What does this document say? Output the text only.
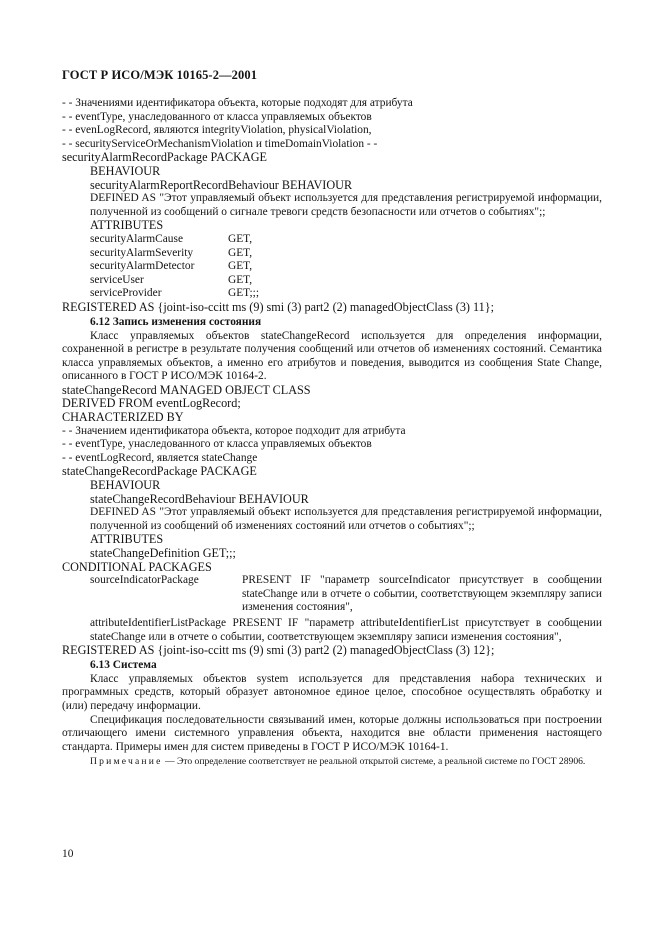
ГОСТ Р ИСО/МЭК 10165-2—2001
- - Значениями идентификатора объекта, которые подходят для атрибута
- - eventType, унаследованного от класса управляемых объектов
- - evenLogRecord, являются integrityViolation, physicalViolation,
- - securityServiceOrMechanismViolation и timeDomainViolation - -
securityAlarmRecordPackage PACKAGE
BEHAVIOUR
securityAlarmReportRecordBehaviour BEHAVIOUR
DEFINED AS "Этот управляемый объект используется для представления регистрируемой информации, полученной из сообщений о сигнале тревоги средств безопасности или отчетов о событиях";;
ATTRIBUTES
securityAlarmCause	GET,
securityAlarmSeverity	GET,
securityAlarmDetector	GET,
serviceUser	GET,
serviceProvider	GET;;;
REGISTERED AS {joint-iso-ccitt ms (9) smi (3) part2 (2) managedObjectClass (3) 11};
6.12 Запись изменения состояния
Класс управляемых объектов stateChangeRecord используется для определения информации, сохраненной в регистре в результате получения сообщений или отчетов об изменениях состояний. Семантика класса управляемых объектов, а именно его атрибутов и поведения, выводится из сообщения State Change, описанного в ГОСТ Р ИСО/МЭК 10164-2.
stateChangeRecord MANAGED OBJECT CLASS
DERIVED FROM eventLogRecord;
CHARACTERIZED BY
- - Значением идентификатора объекта, которое подходит для атрибута
- - eventType, унаследованного от класса управляемых объектов
- - eventLogRecord, является stateChange
stateChangeRecordPackage PACKAGE
BEHAVIOUR
stateChangeRecordBehaviour BEHAVIOUR
DEFINED AS "Этот управляемый объект используется для представления регистрируемой информации, полученной из сообщений об изменениях состояний или отчетов о событиях";;
ATTRIBUTES
stateChangeDefinition GET;;;
CONDITIONAL PACKAGES
sourceIndicatorPackage	PRESENT IF "параметр sourceIndicator присутствует в сообщении stateChange или в отчете о событии, соответствующем экземпляру записи изменения состояния",
attributeIdentifierListPackage PRESENT IF "параметр attributeIdentifierList присутствует в сообщении stateChange или в отчете о событии, соответствующем экземпляру записи изменения состояния",
REGISTERED AS {joint-iso-ccitt ms (9) smi (3) part2 (2) managedObjectClass (3) 12};
6.13 Система
Класс управляемых объектов system используется для представления набора технических и программных средств, который образует автономное единое целое, способное осуществлять обработку и (или) передачу информации.
Спецификация последовательности связываний имен, которые должны использоваться при построении отличающего имени системного управления объекта, находится вне области применения настоящего стандарта. Примеры имен для систем приведены в ГОСТ Р ИСО/МЭК 10164-1.
Примечание — Это определение соответствует не реальной открытой системе, а реальной системе по ГОСТ 28906.
10
